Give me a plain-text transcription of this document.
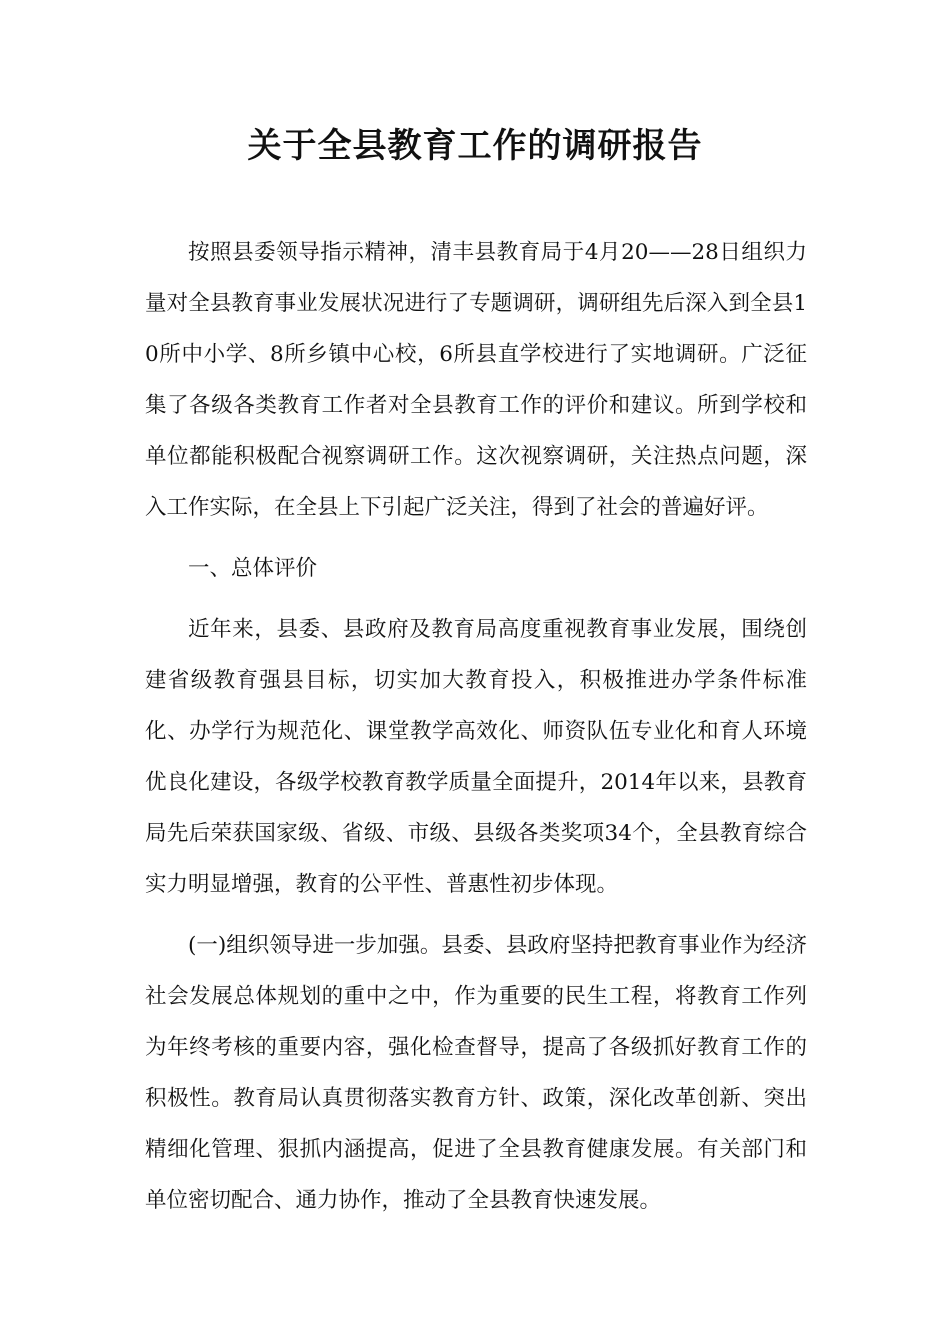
关于全县教育工作的调研报告

按照县委领导指示精神，清丰县教育局于4月20——28日组织力量对全县教育事业发展状况进行了专题调研，调研组先后深入到全县10所中小学、8所乡镇中心校，6所县直学校进行了实地调研。广泛征集了各级各类教育工作者对全县教育工作的评价和建议。所到学校和单位都能积极配合视察调研工作。这次视察调研，关注热点问题，深入工作实际，在全县上下引起广泛关注，得到了社会的普遍好评。

一、总体评价

近年来，县委、县政府及教育局高度重视教育事业发展，围绕创建省级教育强县目标，切实加大教育投入，积极推进办学条件标准化、办学行为规范化、课堂教学高效化、师资队伍专业化和育人环境优良化建设，各级学校教育教学质量全面提升，2014年以来，县教育局先后荣获国家级、省级、市级、县级各类奖项34个，全县教育综合实力明显增强，教育的公平性、普惠性初步体现。

(一)组织领导进一步加强。县委、县政府坚持把教育事业作为经济社会发展总体规划的重中之中，作为重要的民生工程，将教育工作列为年终考核的重要内容，强化检查督导，提高了各级抓好教育工作的积极性。教育局认真贯彻落实教育方针、政策，深化改革创新、突出精细化管理、狠抓内涵提高，促进了全县教育健康发展。有关部门和单位密切配合、通力协作，推动了全县教育快速发展。
